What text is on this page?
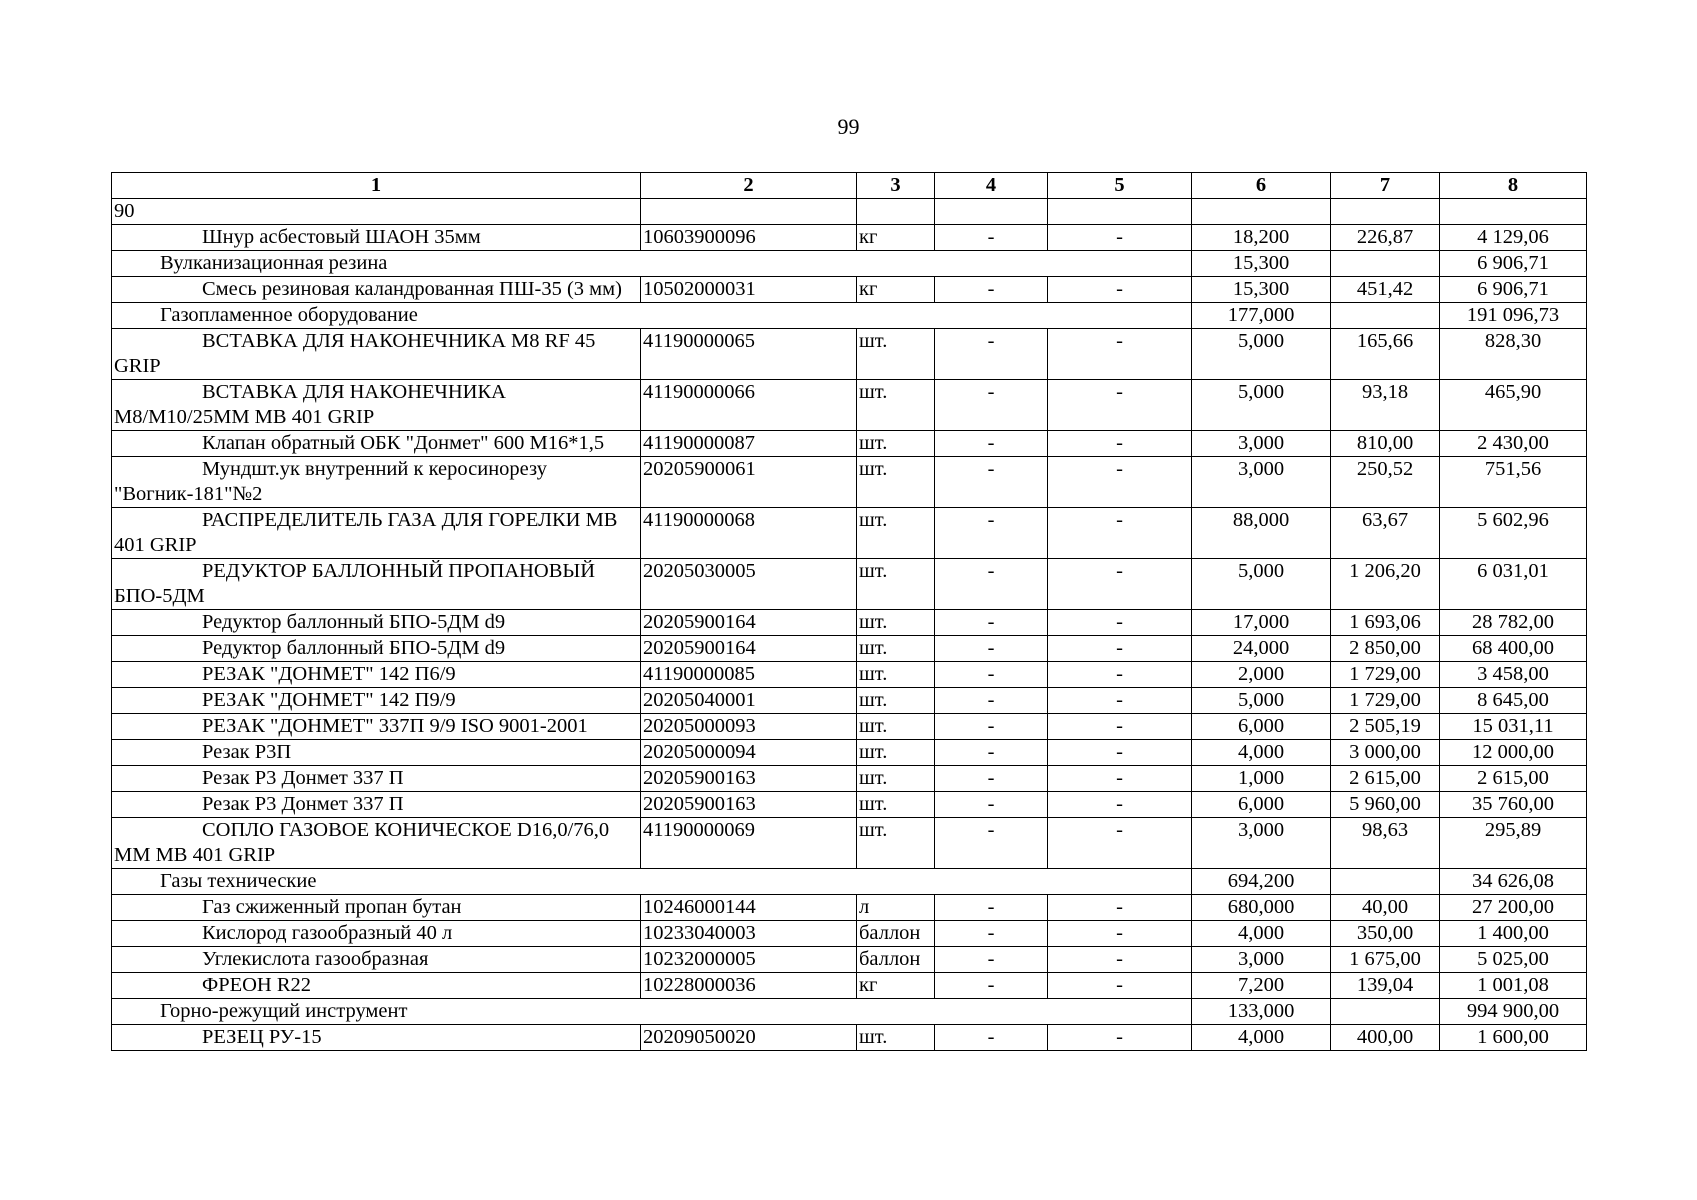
99
1	2	3	4	5	6	7	8
90							
Шнур асбестовый ШАОН 35мм	10603900096	кг	-	-	18,200	226,87	4 129,06
Вулканизационная резина					15,300		6 906,71
Смесь резиновая каландрованная ПШ-35 (3 мм)	10502000031	кг	-	-	15,300	451,42	6 906,71
Газопламенное оборудование					177,000		191 096,73
ВСТАВКА ДЛЯ НАКОНЕЧНИКА M8 RF 45 GRIP	41190000065	шт.	-	-	5,000	165,66	828,30
ВСТАВКА ДЛЯ НАКОНЕЧНИКА M8/M10/25MM MB 401 GRIP	41190000066	шт.	-	-	5,000	93,18	465,90
Клапан обратный ОБК "Донмет" 600 М16*1,5	41190000087	шт.	-	-	3,000	810,00	2 430,00
Мундшт.ук внутренний к керосинорезу "Вогник-181"№2	20205900061	шт.	-	-	3,000	250,52	751,56
РАСПРЕДЕЛИТЕЛЬ ГАЗА ДЛЯ ГОРЕЛКИ MB 401 GRIP	41190000068	шт.	-	-	88,000	63,67	5 602,96
РЕДУКТОР БАЛЛОННЫЙ ПРОПАНОВЫЙ БПО-5ДМ	20205030005	шт.	-	-	5,000	1 206,20	6 031,01
Редуктор баллонный БПО-5ДМ d9	20205900164	шт.	-	-	17,000	1 693,06	28 782,00
Редуктор баллонный БПО-5ДМ d9	20205900164	шт.	-	-	24,000	2 850,00	68 400,00
РЕЗАК "ДОНМЕТ" 142 П6/9	41190000085	шт.	-	-	2,000	1 729,00	3 458,00
РЕЗАК "ДОНМЕТ" 142 П9/9	20205040001	шт.	-	-	5,000	1 729,00	8 645,00
РЕЗАК "ДОНМЕТ" 337П 9/9 ISO 9001-2001	20205000093	шт.	-	-	6,000	2 505,19	15 031,11
Резак Р3П	20205000094	шт.	-	-	4,000	3 000,00	12 000,00
Резак Р3 Донмет 337 П	20205900163	шт.	-	-	1,000	2 615,00	2 615,00
Резак Р3 Донмет 337 П	20205900163	шт.	-	-	6,000	5 960,00	35 760,00
СОПЛО ГАЗОВОЕ КОНИЧЕСКОЕ D16,0/76,0 MM MB 401 GRIP	41190000069	шт.	-	-	3,000	98,63	295,89
Газы технические					694,200		34 626,08
Газ сжиженный пропан бутан	10246000144	л	-	-	680,000	40,00	27 200,00
Кислород газообразный 40 л	10233040003	баллон	-	-	4,000	350,00	1 400,00
Углекислота газообразная	10232000005	баллон	-	-	3,000	1 675,00	5 025,00
ФРЕОН R22	10228000036	кг	-	-	7,200	139,04	1 001,08
Горно-режущий инструмент					133,000		994 900,00
РЕЗЕЦ РУ-15	20209050020	шт.	-	-	4,000	400,00	1 600,00
